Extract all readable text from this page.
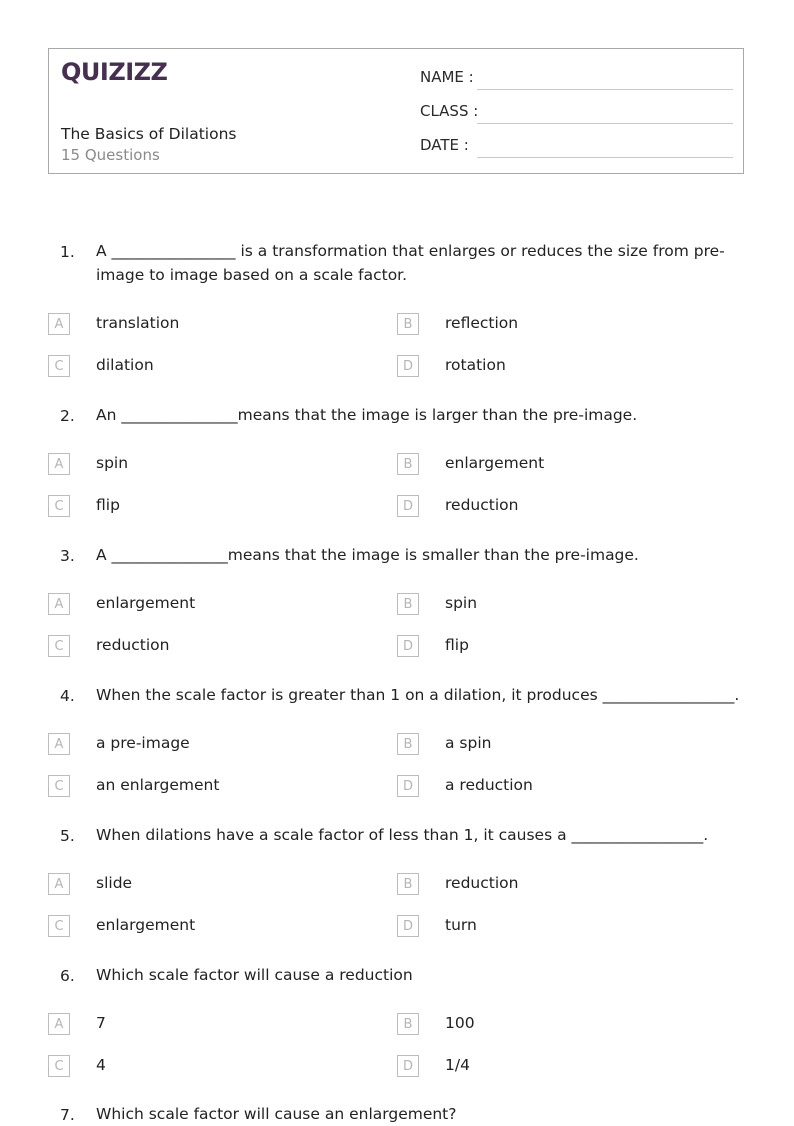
QUIZIZZ
The Basics of Dilations
15 Questions
NAME :
CLASS :
DATE :
1. A ________________ is a transformation that enlarges or reduces the size from pre-image to image based on a scale factor.
A	translation	B	reflection
C	dilation	D	rotation
2. An _______________means that the image is larger than the pre-image.
A	spin	B	enlargement
C	flip	D	reduction
3. A _______________means that the image is smaller than the pre-image.
A	enlargement	B	spin
C	reduction	D	flip
4. When the scale factor is greater than 1 on a dilation, it produces _________________.
A	a pre-image	B	a spin
C	an enlargement	D	a reduction
5. When dilations have a scale factor of less than 1, it causes a _________________.
A	slide	B	reduction
C	enlargement	D	turn
6. Which scale factor will cause a reduction
A	7	B	100
C	4	D	1/4
7. Which scale factor will cause an enlargement?
